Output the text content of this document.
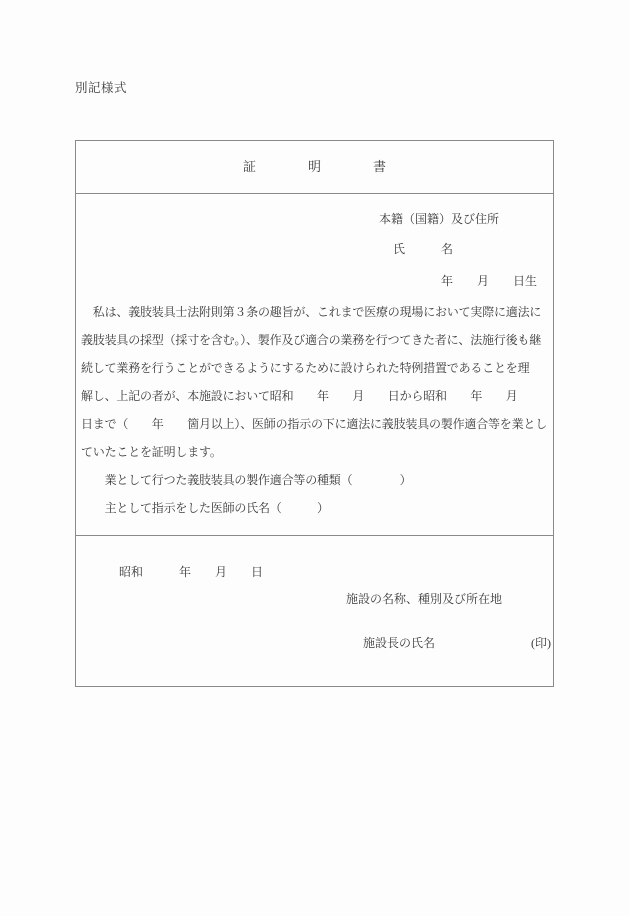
別記様式
証　　　　明　　　　書
本籍（国籍）及び住所
氏　　　名
年　　月　　日生
　私は、義肢装具士法附則第３条の趣旨が、これまで医療の現場において実際に適法に
義肢装具の採型（採寸を含む。）、製作及び適合の業務を行つてきた者に、法施行後も継
続して業務を行うことができるようにするために設けられた特例措置であることを理
解し、上記の者が、本施設において昭和　　年　　月　　日から昭和　　年　　月
日まで（　　年　　箇月以上）、医師の指示の下に適法に義肢装具の製作適合等を業とし
ていたことを証明します。
　　業として行つた義肢装具の製作適合等の種類（　　　　）
　　主として指示をした医師の氏名（　　　）
昭和　　　年　　月　　日
施設の名称、種別及び所在地
施設長の氏名	(印)
